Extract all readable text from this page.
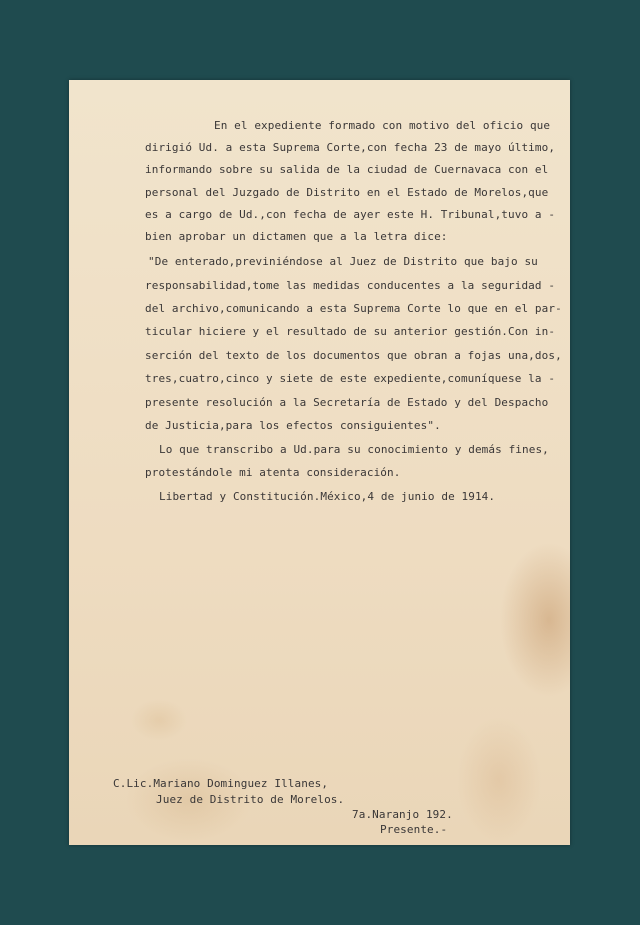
En el expediente formado con motivo del oficio que
dirigió Ud. a esta Suprema Corte,con fecha 23 de mayo último,
informando sobre su salida de la ciudad de Cuernavaca con el
personal del Juzgado de Distrito en el Estado de Morelos,que
es a cargo de Ud.,con fecha de ayer este H. Tribunal,tuvo a -
bien aprobar un dictamen que a la letra dice:
"De enterado,previniéndose al Juez de Distrito que bajo su
responsabilidad,tome las medidas conducentes a la seguridad -
del archivo,comunicando a esta Suprema Corte lo que en el par-
ticular hiciere y el resultado de su anterior gestión.Con in-
serción del texto de los documentos que obran a fojas una,dos,
tres,cuatro,cinco y siete de este expediente,comuníquese la -
presente resolución a la Secretaría de Estado y del Despacho
de Justicia,para los efectos consiguientes".
Lo que transcribo a Ud.para su conocimiento y demás fines,
protestándole mi atenta consideración.
Libertad y Constitución.México,4 de junio de 1914.
C.Lic.Mariano Dominguez Illanes,
Juez de Distrito de Morelos.
7a.Naranjo 192.
Presente.-
